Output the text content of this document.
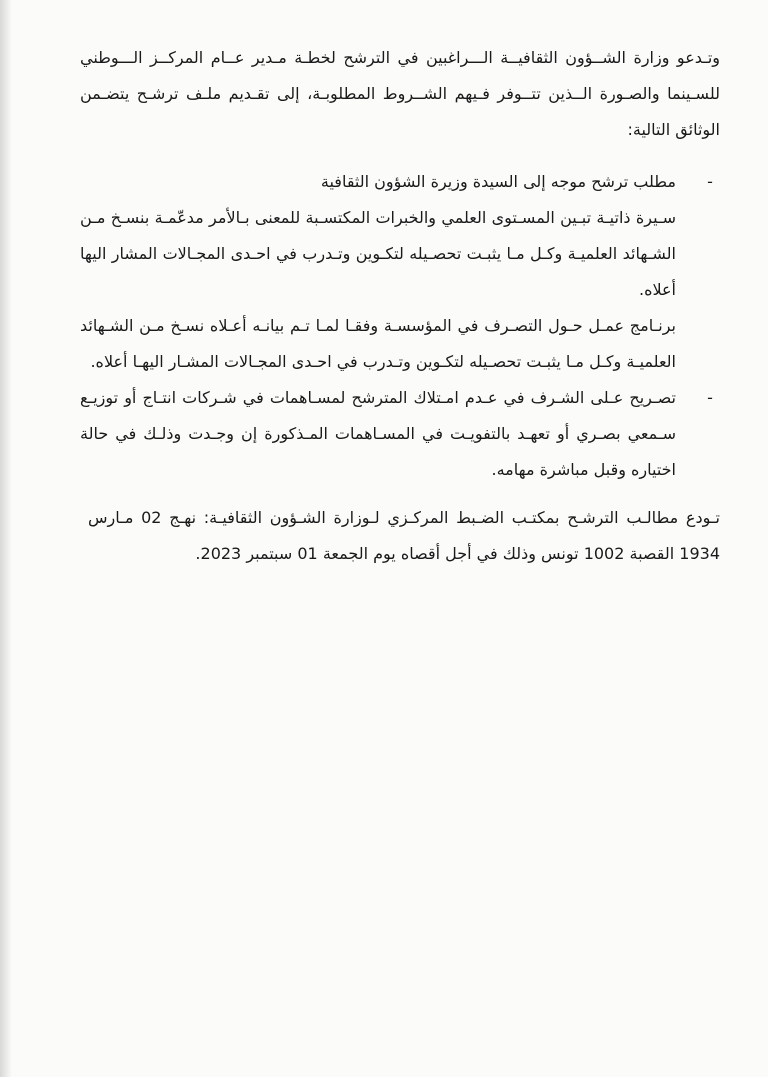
وتـدعو وزارة الشــؤون الثقافيــة الـــراغبين في الترشح لخطـة مـدير عــام المركــز الـــوطني للسـينما والصـورة الــذين تتــوفر فـيهم الشــروط المطلوبـة، إلى تقـديم ملـف ترشـح يتضـمن الوثائق التالية:

-

مطلب ترشح موجه إلى السيدة وزيرة الشؤون الثقافية

سـيرة ذاتيـة تبـين المسـتوى العلمي والخبرات المكتسـبة للمعنى بـالأمر مدعّمـة بنسـخ مـن الشـهائد العلميـة وكـل مـا يثبـت تحصـيله لتكـوين وتـدرب في احـدى المجـالات المشار اليها أعلاه.

برنـامج عمـل حـول التصـرف في المؤسسـة وفقـا لمـا تـم بيانـه أعـلاه نسـخ مـن الشـهائد العلميـة وكـل مـا يثبـت تحصـيله لتكـوين وتـدرب في احـدى المجـالات المشـار اليهـا أعلاه.

-

تصـريح عـلى الشـرف في عـدم امـتلاك المترشح لمسـاهمات في شـركات انتـاج أو توزيـع سـمعي بصـري أو تعهـد بالتفويـت في المسـاهمات المـذكورة إن وجـدت وذلـك في حالة اختياره وقبل مباشرة مهامه.

تـودع مطالـب الترشـح بمكتـب الضـبط المركـزي لـوزارة الشـؤون الثقافيـة: نهـج 02 مـارس 1934 القصبة 1002 تونس وذلك في أجل أقصاه يوم الجمعة 01 سبتمبر 2023.
